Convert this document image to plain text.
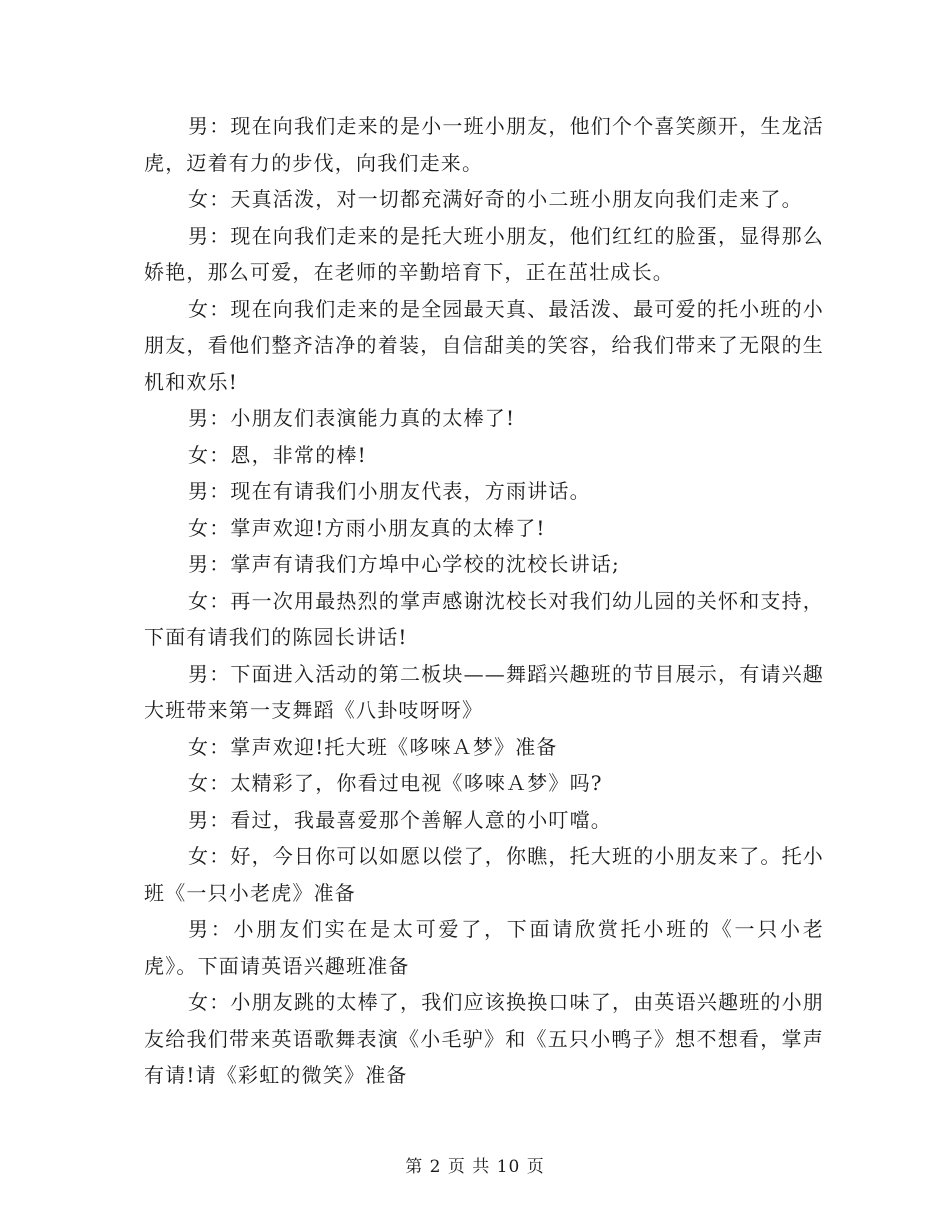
男：现在向我们走来的是小一班小朋友，他们个个喜笑颜开，生龙活虎，迈着有力的步伐，向我们走来。

女：天真活泼，对一切都充满好奇的小二班小朋友向我们走来了。

男：现在向我们走来的是托大班小朋友，他们红红的脸蛋，显得那么娇艳，那么可爱，在老师的辛勤培育下，正在茁壮成长。

女：现在向我们走来的是全园最天真、最活泼、最可爱的托小班的小朋友，看他们整齐洁净的着装，自信甜美的笑容，给我们带来了无限的生机和欢乐!

男：小朋友们表演能力真的太棒了!

女：恩，非常的棒!

男：现在有请我们小朋友代表，方雨讲话。

女：掌声欢迎!方雨小朋友真的太棒了!

男：掌声有请我们方埠中心学校的沈校长讲话;

女：再一次用最热烈的掌声感谢沈校长对我们幼儿园的关怀和支持，下面有请我们的陈园长讲话!

男：下面进入活动的第二板块——舞蹈兴趣班的节目展示，有请兴趣大班带来第一支舞蹈《八卦吱呀呀》

女：掌声欢迎!托大班《哆唻Ａ梦》准备

女：太精彩了，你看过电视《哆唻Ａ梦》吗?

男：看过，我最喜爱那个善解人意的小叮噹。

女：好，今日你可以如愿以偿了，你瞧，托大班的小朋友来了。托小班《一只小老虎》准备

男：小朋友们实在是太可爱了，下面请欣赏托小班的《一只小老虎》。下面请英语兴趣班准备

女：小朋友跳的太棒了，我们应该换换口味了，由英语兴趣班的小朋友给我们带来英语歌舞表演《小毛驴》和《五只小鸭子》想不想看，掌声有请!请《彩虹的微笑》准备

第 2 页 共 10 页
